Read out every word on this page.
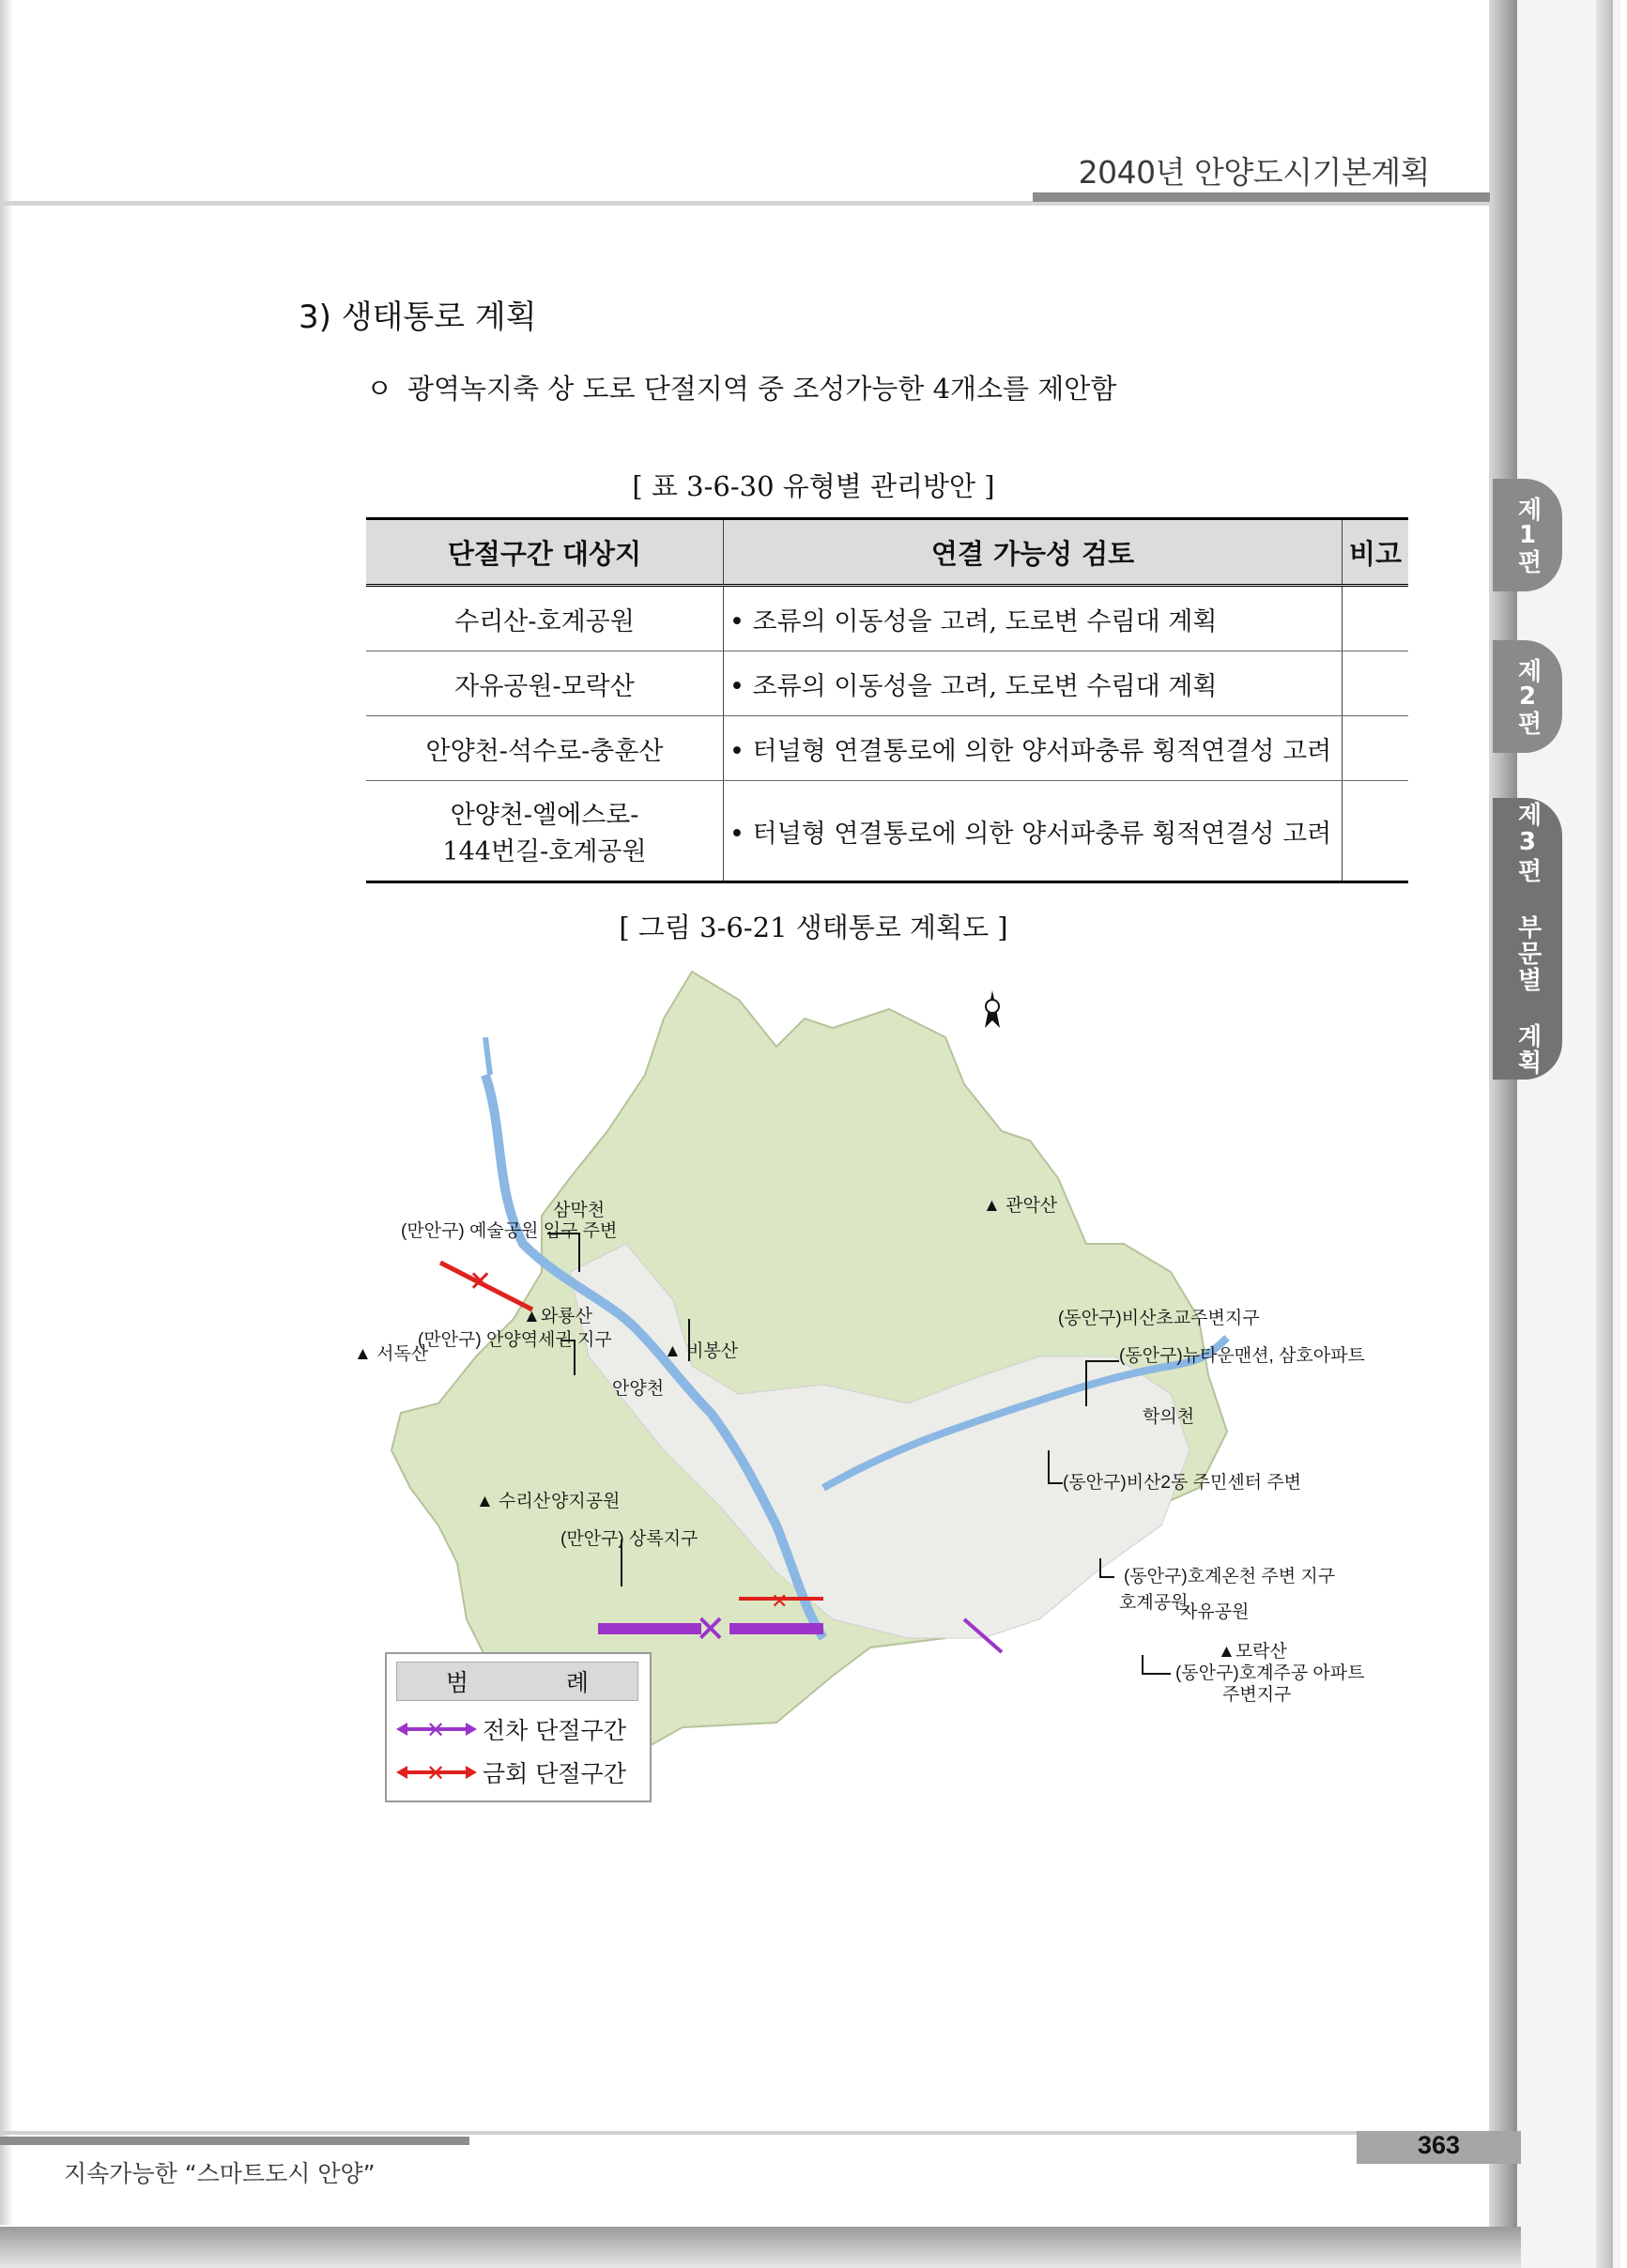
2040년 안양도시기본계획
제1편
제2편
제3편 부문별 계획
3) 생태통로 계획
ㅇ 광역녹지축 상 도로 단절지역 중 조성가능한 4개소를 제안함
[ 표 3-6-30 유형별 관리방안 ]
단절구간 대상지	연결 가능성 검토	비고
수리산-호계공원	• 조류의 이동성을 고려, 도로변 수림대 계획	
자유공원-모락산	• 조류의 이동성을 고려, 도로변 수림대 계획	
안양천-석수로-충훈산	• 터널형 연결통로에 의한 양서파충류 횡적연결성 고려	

안양천-엘에스로-
144번길-호계공원	• 터널형 연결통로에 의한 양서파충류 횡적연결성 고려	
[ 그림 3-6-21 생태통로 계획도 ]
✕
✕
✕
▲ 관악산
삼막천
(만안구) 예술공원 입구 주변
▲와룡산
(만안구) 안양역세권 지구
▲ 서독산
안양천
▲ 비봉산
(동안구)비산초교주변지구
(동안구)뉴타운맨션, 삼호아파트
학의천
(동안구)비산2동 주민센터 주변
▲ 수리산 양지공원
(만안구) 상록지구
(동안구)호계온천 주변 지구
호계공원
자유공원
▲모락산
(동안구)호계주공 아파트
주변지구
범	례
✕ 전차 단절구간
✕ 금회 단절구간
지속가능한 “스마트도시 안양”
363
